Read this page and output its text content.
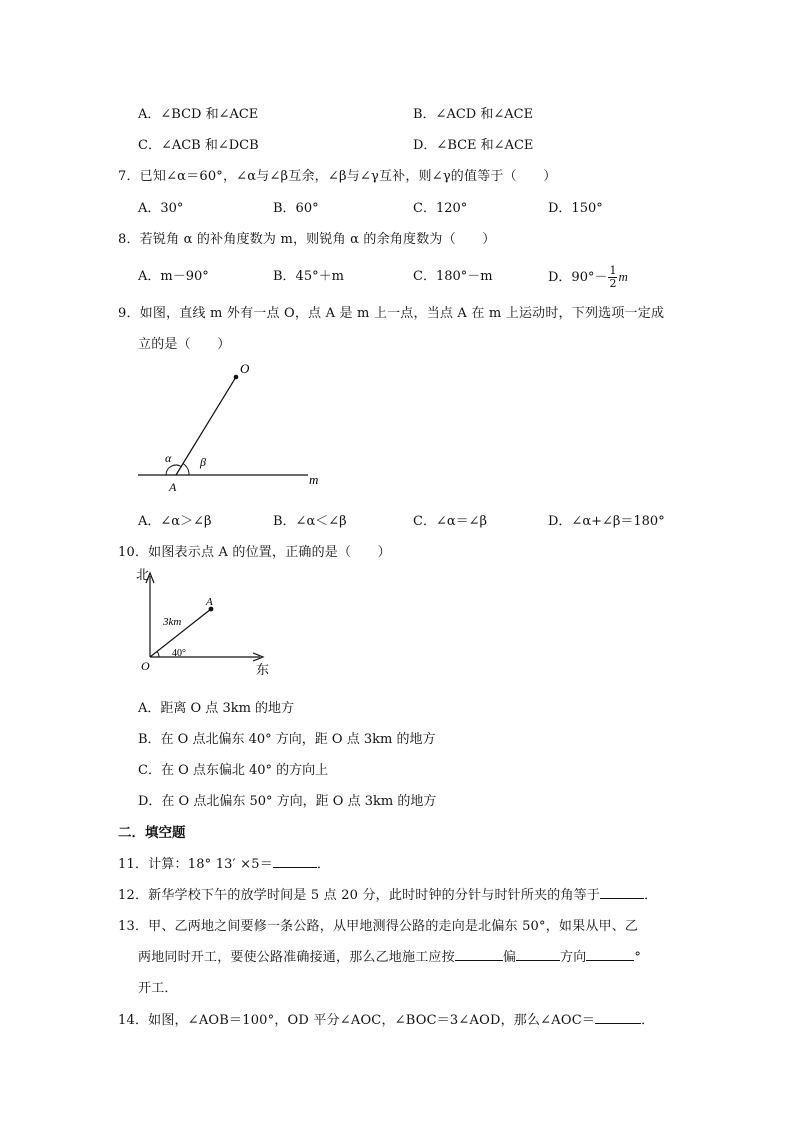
A．∠BCD 和∠ACE	B．∠ACD 和∠ACE
C．∠ACB 和∠DCB	D．∠BCE 和∠ACE
7．已知∠α＝60°，∠α与∠β互余，∠β与∠γ互补，则∠γ的值等于（　　）
A．30°	B．60°	C．120°	D．150°
8．若锐角 α 的补角度数为 m，则锐角 α 的余角度数为（　　）
A．m－90°	B．45°＋m	C．180°－m	D．$90^\circ- \frac{1}{2}$ m
9．如图，直线 m 外有一点 O，点 A 是 m 上一点，当点 A 在 m 上运动时，下列选项一定成
立的是（　　）
O
A	m
α β
A．∠α＞∠β	B．∠α＜∠β	C．∠α＝∠β	D．∠α+∠β＝180°
10．如图表示点 A 的位置，正确的是（　　）
北
东
O
A
3km
40°
A．距离 O 点 3km 的地方
B．在 O 点北偏东 40° 方向，距 O 点 3km 的地方
C．在 O 点东偏北 40° 的方向上
D．在 O 点北偏东 50° 方向，距 O 点 3km 的地方
二．填空题
11．计算：18° 13′ ×5＝	．
12．新华学校下午的放学时间是 5 点 20 分，此时时钟的分针与时针所夹的角等于	．
13．甲、乙两地之间要修一条公路，从甲地测得公路的走向是北偏东 50°，如果从甲、乙
两地同时开工，要使公路准确接通，那么乙地施工应按	偏	方向	°
开工．
14．如图，∠AOB＝100°，OD 平分∠AOC，∠BOC＝3∠AOD，那么∠AOC＝	．
